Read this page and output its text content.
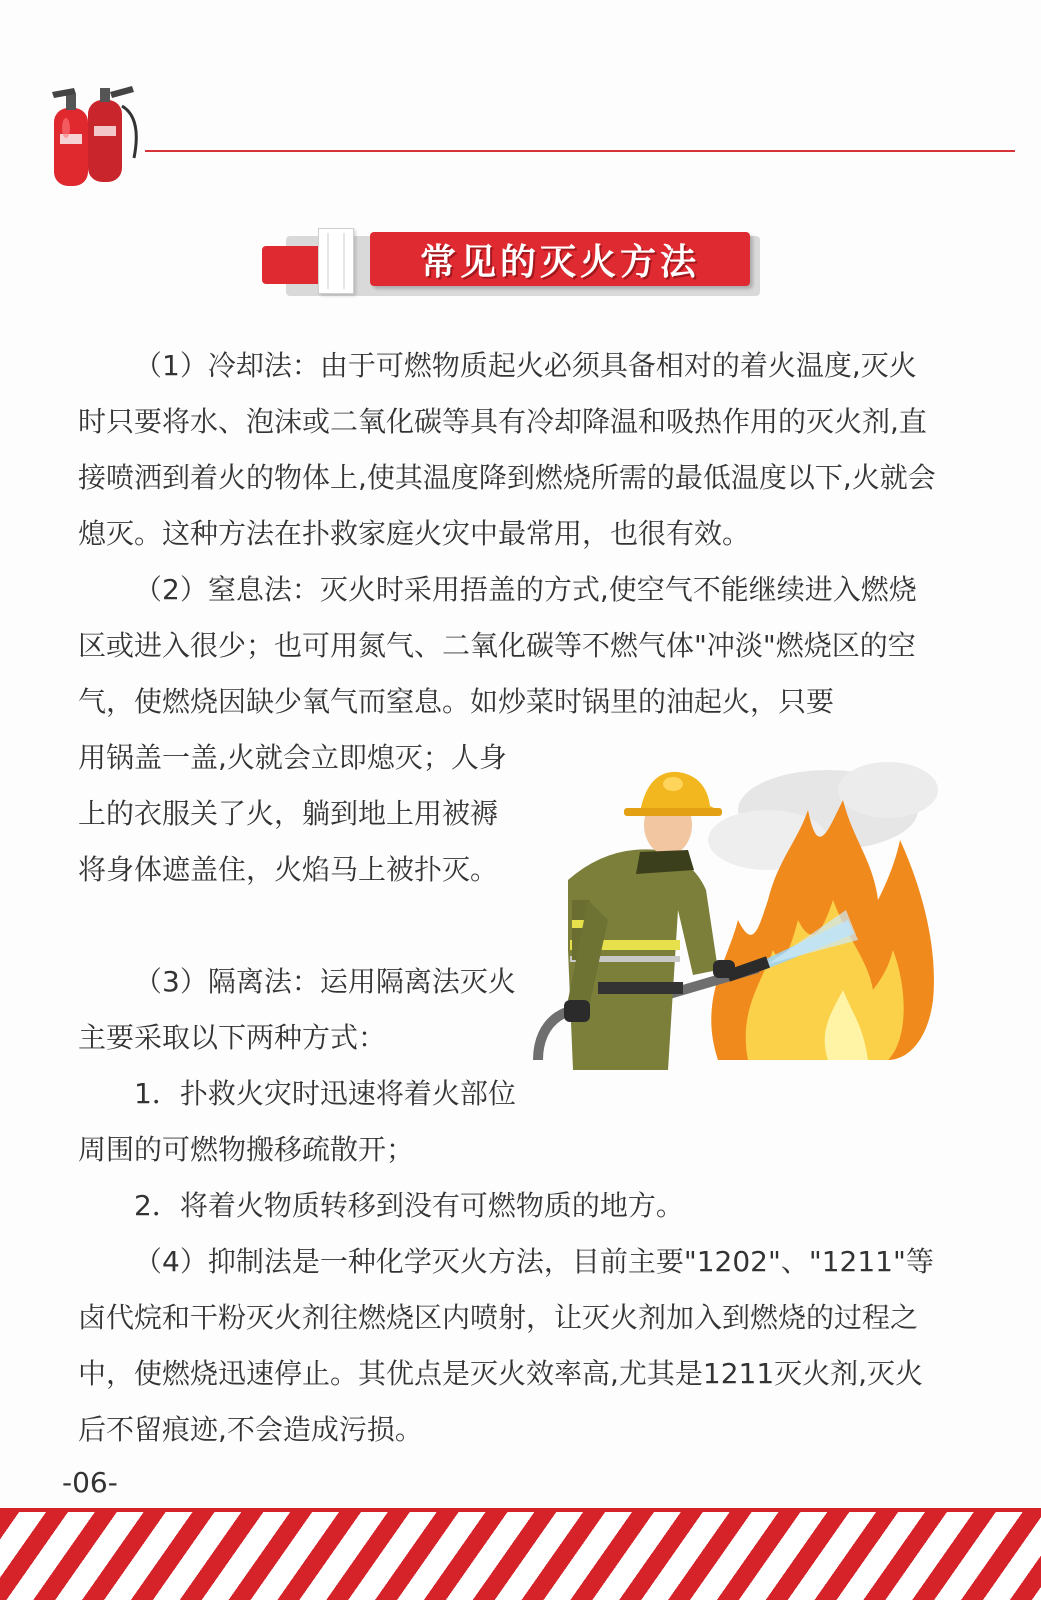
常见的灭火方法

（1）冷却法：由于可燃物质起火必须具备相对的着火温度,灭火时只要将水、泡沫或二氧化碳等具有冷却降温和吸热作用的灭火剂,直接喷洒到着火的物体上,使其温度降到燃烧所需的最低温度以下,火就会熄灭。这种方法在扑救家庭火灾中最常用，也很有效。

（2）窒息法：灭火时采用捂盖的方式,使空气不能继续进入燃烧区或进入很少；也可用氮气、二氧化碳等不燃气体"冲淡"燃烧区的空气，使燃烧因缺少氧气而窒息。如炒菜时锅里的油起火，只要

用锅盖一盖,火就会立即熄灭；人身上的衣服关了火，躺到地上用被褥将身体遮盖住，火焰马上被扑灭。

（3）隔离法：运用隔离法灭火主要采取以下两种方式：

1．扑救火灾时迅速将着火部位周围的可燃物搬移疏散开；

2．将着火物质转移到没有可燃物质的地方。

（4）抑制法是一种化学灭火方法，目前主要"1202"、"1211"等卤代烷和干粉灭火剂往燃烧区内喷射，让灭火剂加入到燃烧的过程之中，使燃烧迅速停止。其优点是灭火效率高,尤其是1211灭火剂,灭火后不留痕迹,不会造成污损。

-06-
